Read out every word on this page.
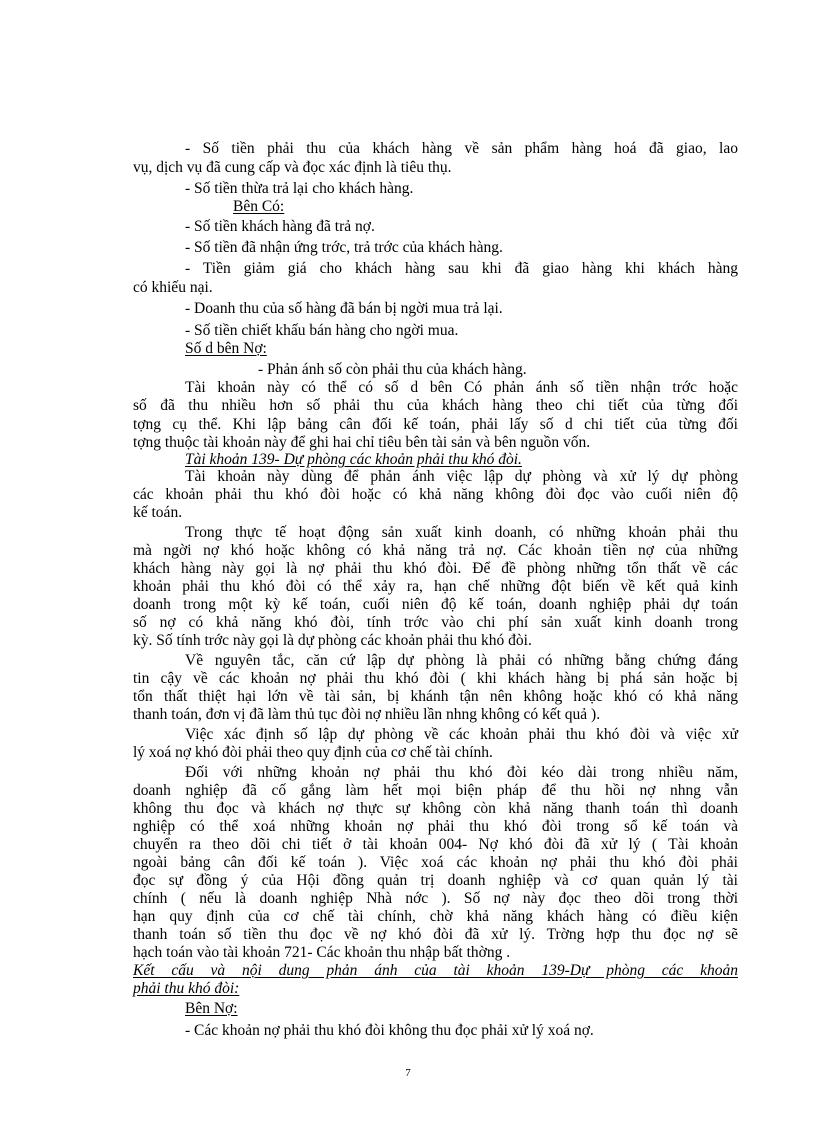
- Số tiền phải thu của khách hàng về sản phẩm hàng hoá đã giao, lao
vụ, dịch vụ đã cung cấp và đọc xác định là tiêu thụ.
- Số tiền thừa trả lại cho khách hàng.
Bên Có:
- Số tiền khách hàng đã trả nợ.
- Số tiền đã nhận ứng trớc, trả trớc của khách hàng.
- Tiền giảm giá cho khách hàng sau khi đã giao hàng khi khách hàng
có khiếu nại.
- Doanh thu của số hàng đã bán bị ngời mua trả lại.
- Số tiền chiết khấu bán hàng cho ngời mua.
Số d bên Nợ:
- Phản ánh số còn phải thu của khách hàng.
Tài khoản này có thể có số d bên Có phản ánh số tiền nhận trớc hoặc
số đã thu nhiều hơn số phải thu của khách hàng theo chi tiết của từng đối
tợng cụ thể. Khi lập bảng cân đối kế toán, phải lấy số d chi tiết của từng đối
tợng thuộc tài khoản này để ghi hai chỉ tiêu bên tài sản và bên nguồn vốn.
Tài khoản 139- Dự phòng các khoản phải thu khó đòi.
Tài khoản này dùng để phản ánh việc lập dự phòng và xử lý dự phòng
các khoản phải thu khó đòi hoặc có khả năng không đòi đọc vào cuối niên độ
kế toán.
Trong thực tế hoạt động sản xuất kinh doanh, có những khoản phải thu
mà ngời nợ khó hoặc không có khả năng trả nợ. Các khoản tiền nợ của những
khách hàng này gọi là nợ phải thu khó đòi. Để đề phòng những tổn thất về các
khoản phải thu khó đòi có thể xảy ra, hạn chế những đột biến về kết quả kinh
doanh trong một kỳ kế toán, cuối niên độ kế toán, doanh nghiệp phải dự toán
số nợ có khả năng khó đòi, tính trớc vào chi phí sản xuất kinh doanh trong
kỳ. Số tính trớc này gọi là dự phòng các khoản phải thu khó đòi.
Về nguyên tắc, căn cứ lập dự phòng là phải có những bằng chứng đáng
tin cậy về các khoản nợ phải thu khó đòi ( khi khách hàng bị phá sản hoặc bị
tổn thất thiệt hại lớn về tài sản, bị khánh tận nên không hoặc khó có khả năng
thanh toán, đơn vị đã làm thủ tục đòi nợ nhiều lần nhng không có kết quả ).
Việc xác định số lập dự phòng về các khoản phải thu khó đòi và việc xử
lý xoá nợ khó đòi phải theo quy định của cơ chế tài chính.
Đối với những khoản nợ phải thu khó đòi kéo dài trong nhiều năm,
doanh nghiệp đã cố gắng làm hết mọi biện pháp để thu hồi nợ nhng vẫn
không thu đọc và khách nợ thực sự không còn khả năng thanh toán thì doanh
nghiệp có thể xoá những khoản nợ phải thu khó đòi trong sổ kế toán và
chuyển ra theo dõi chi tiết ở tài khoản 004- Nợ khó đòi đã xử lý ( Tài khoản
ngoài bảng cân đối kế toán ). Việc xoá các khoản nợ phải thu khó đòi phải
đọc sự đồng ý của Hội đồng quản trị doanh nghiệp và cơ quan quản lý tài
chính ( nếu là doanh nghiệp Nhà nớc ). Số nợ này đọc theo dõi trong thời
hạn quy định của cơ chế tài chính, chờ khả năng khách hàng có điều kiện
thanh toán số tiền thu đọc về nợ khó đòi đã xử lý. Trờng hợp thu đọc nợ sẽ
hạch toán vào tài khoản 721- Các khoản thu nhập bất thờng .
Kết cấu và nội dung phản ánh của tài khoản 139-Dự phòng các khoản
phải thu khó đòi:
Bên Nợ:
- Các khoản nợ phải thu khó đòi không thu đọc phải xử lý xoá nợ.
7
